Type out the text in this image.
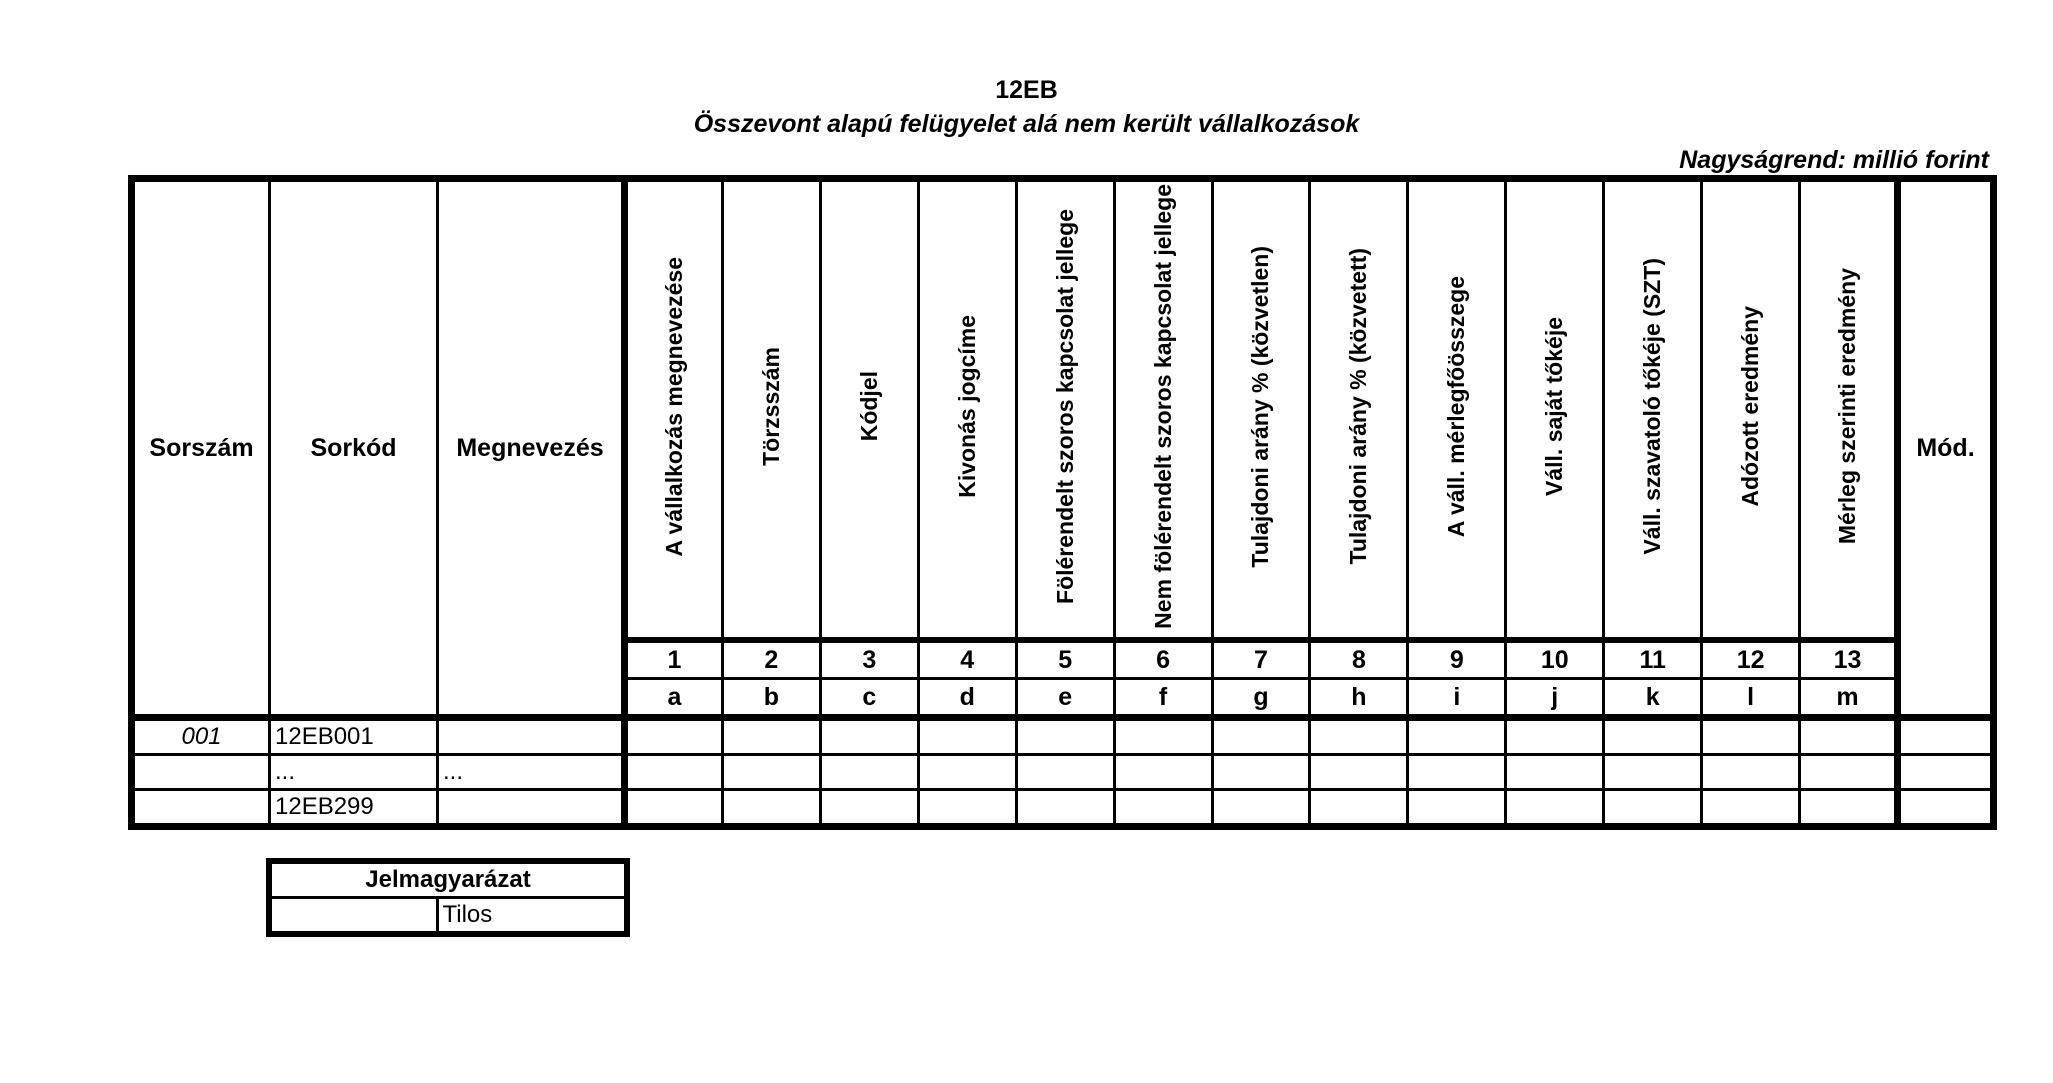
12EB
Összevont alapú felügyelet alá nem került vállalkozások
Nagyságrend: millió forint
Sorszám	Sorkód	Megnevezés	A vállalkozás megnevezése	Törzsszám	Kódjel	Kivonás jogcíme	Fölérendelt szoros kapcsolat jellege	Nem fölérendelt szoros kapcsolat jellege	Tulajdoni arány % (közvetlen)	Tulajdoni arány % (közvetett)	A váll. mérlegfőösszege	Váll. saját tőkéje	Váll. szavatoló tőkéje (SZT)	Adózott eredmény	Mérleg szerinti eredmény	Mód.
			1	2	3	4	5	6	7	8	9	10	11	12	13	
			a	b	c	d	e	f	g	h	i	j	k	l	m	
001	12EB001															
	...	...														
	12EB299															
Jelmagyarázat
	Tilos
